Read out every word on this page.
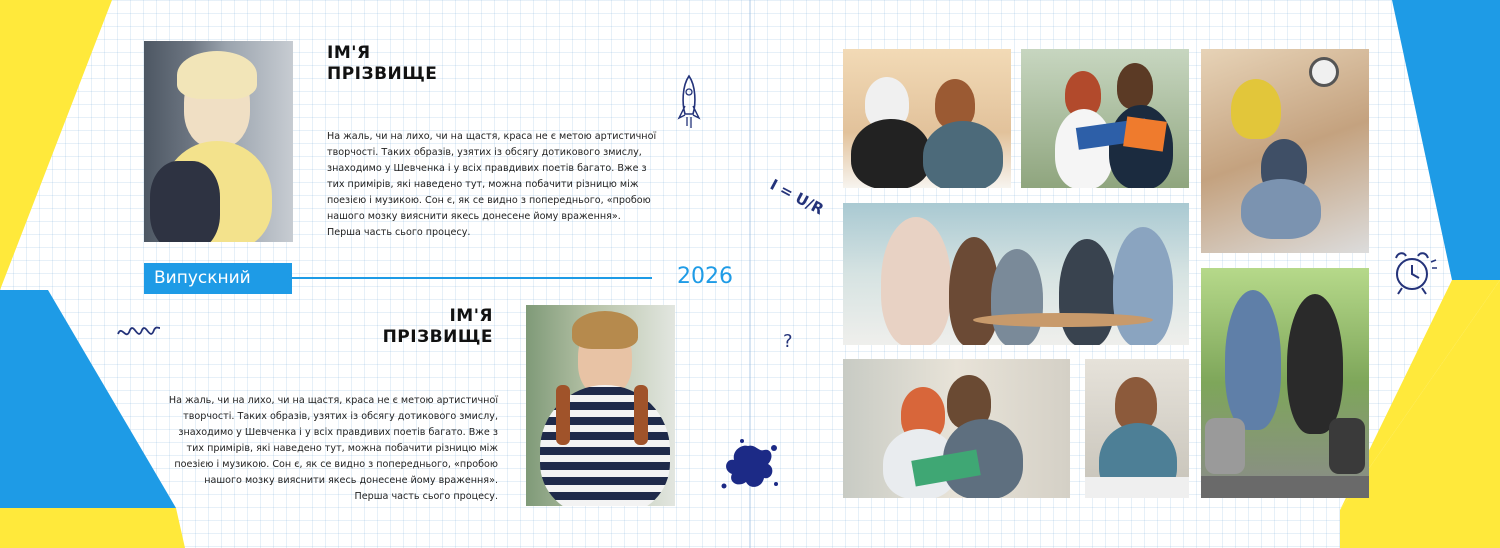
ІМ'Я
ПРІЗВИЩЕ
На жаль, чи на лихо, чи на щастя, краса не є метою артистичної
творчості. Таких образів, узятих із обсягу дотикового змислу,
знаходимо у Шевченка і у всіх правдивих поетів багато. Вже з
тих примірів, які наведено тут, можна побачити різницю між
поезією і музикою. Сон є, як се видно з попереднього, «пробою
нашого мозку вияснити якесь донесене йому враження».
Перша часть сього процесу.
Випускний	2026
ІМ'Я
ПРІЗВИЩЕ
На жаль, чи на лихо, чи на щастя, краса не є метою артистичної
творчості. Таких образів, узятих із обсягу дотикового змислу,
знаходимо у Шевченка і у всіх правдивих поетів багато. Вже з
тих примірів, які наведено тут, можна побачити різницю між
поезією і музикою. Сон є, як се видно з попереднього, «пробою
нашого мозку вияснити якесь донесене йому враження».
Перша часть сього процесу.
I = U/R
?
